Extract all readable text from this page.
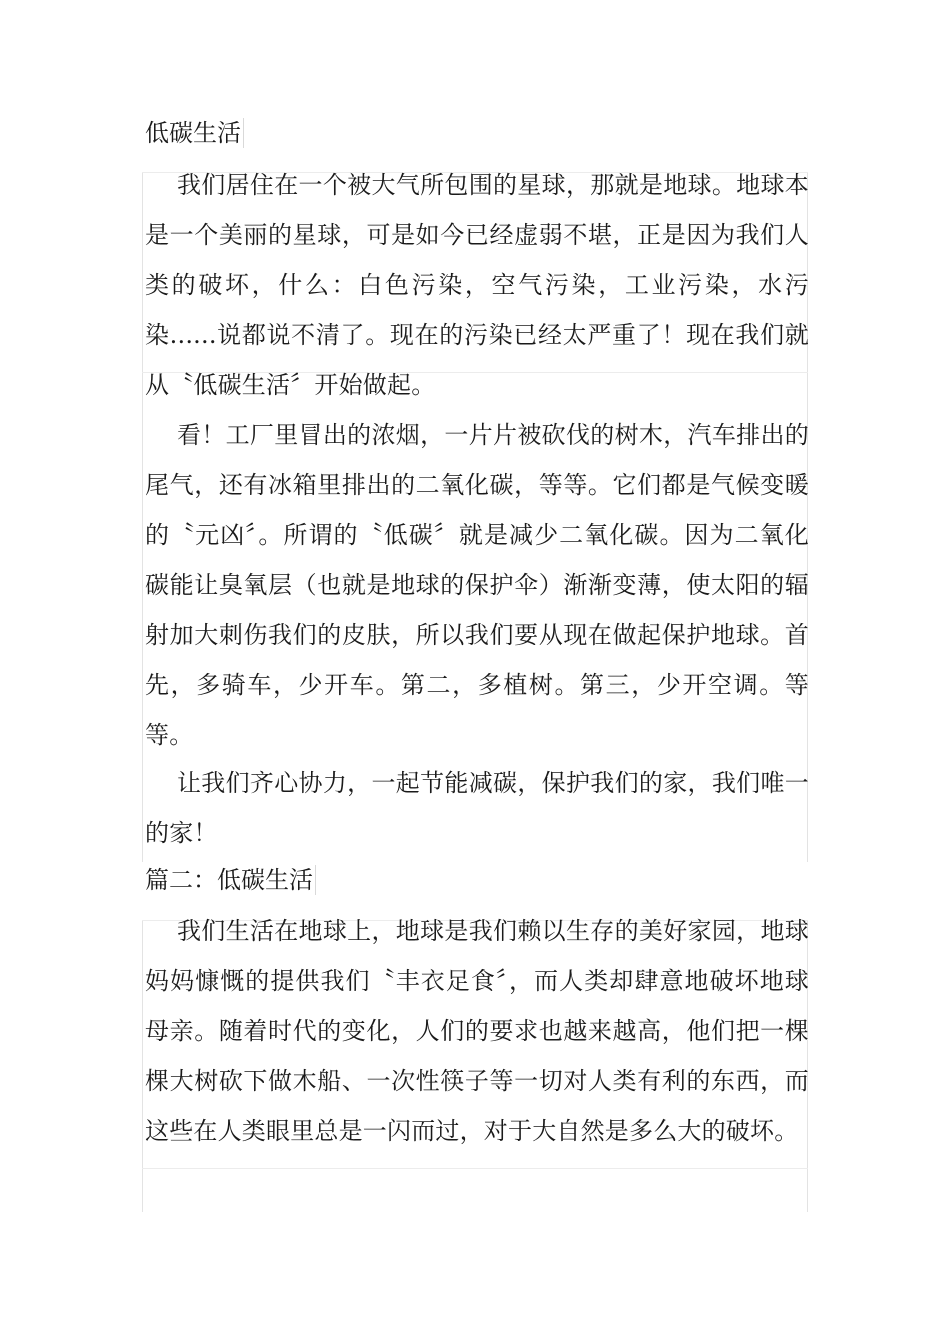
低碳生活

我们居住在一个被大气所包围的星球，那就是地球。地球本是一个美丽的星球，可是如今已经虚弱不堪，正是因为我们人类的破坏，什么：白色污染，空气污染，工业污染，水污染......说都说不清了。现在的污染已经太严重了！现在我们就从〝低碳生活〞开始做起。

看！工厂里冒出的浓烟，一片片被砍伐的树木，汽车排出的尾气，还有冰箱里排出的二氧化碳，等等。它们都是气候变暖的〝元凶〞。所谓的〝低碳〞就是减少二氧化碳。因为二氧化碳能让臭氧层（也就是地球的保护伞）渐渐变薄，使太阳的辐射加大刺伤我们的皮肤，所以我们要从现在做起保护地球。首先，多骑车，少开车。第二，多植树。第三，少开空调。等等。

让我们齐心协力，一起节能减碳，保护我们的家，我们唯一的家！

篇二：低碳生活

我们生活在地球上，地球是我们赖以生存的美好家园，地球妈妈慷慨的提供我们〝丰衣足食〞，而人类却肆意地破坏地球母亲。随着时代的变化，人们的要求也越来越高，他们把一棵棵大树砍下做木船、一次性筷子等一切对人类有利的东西，而这些在人类眼里总是一闪而过，对于大自然是多么大的破坏。
